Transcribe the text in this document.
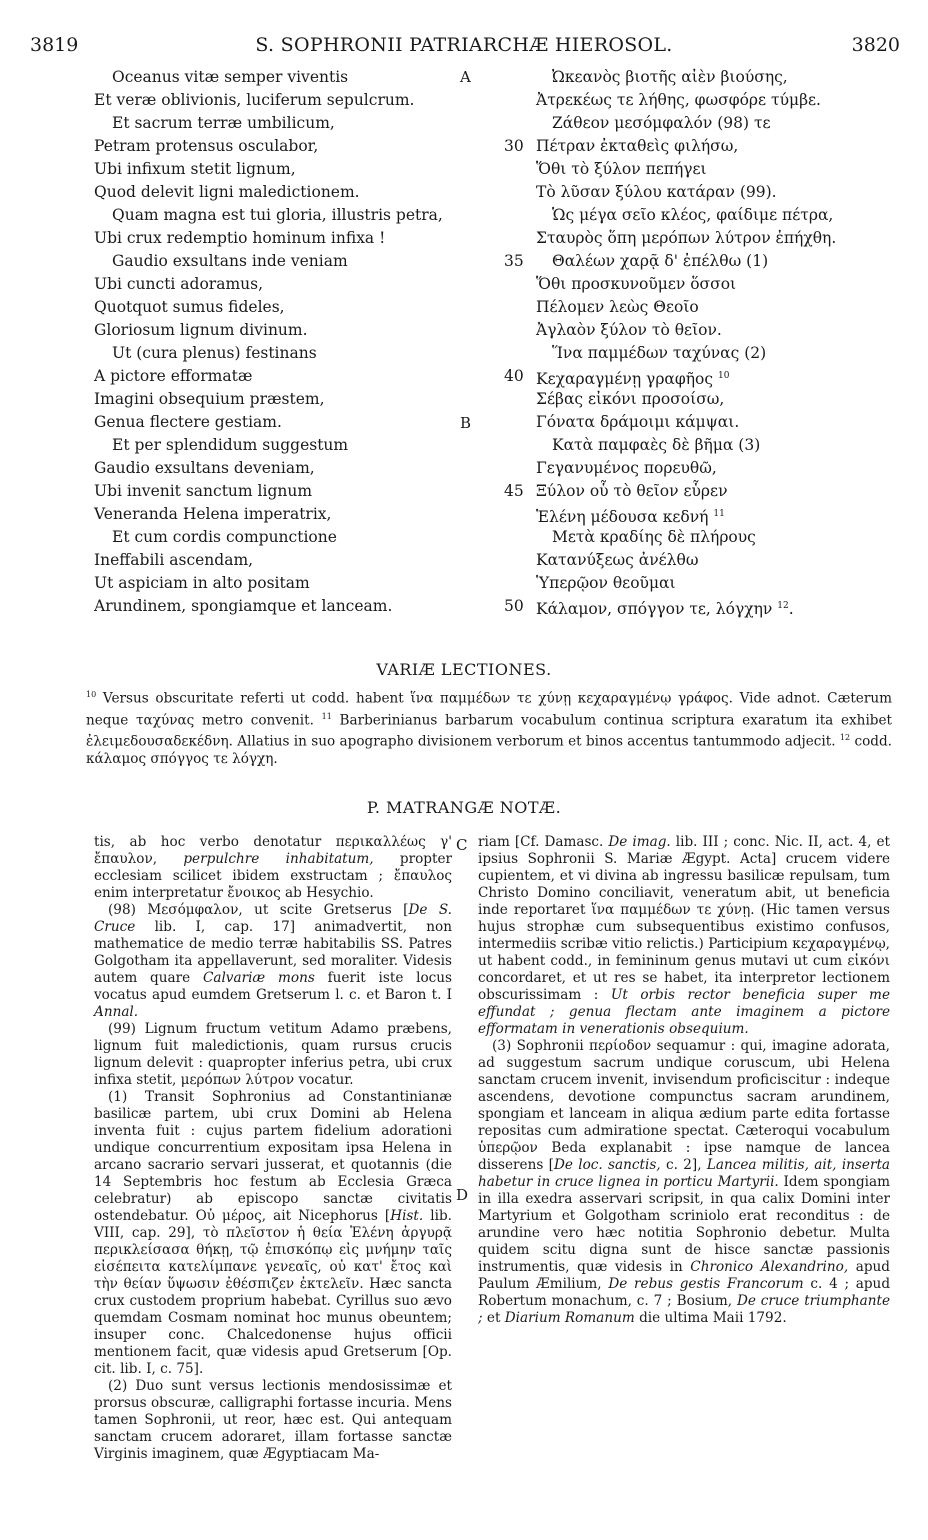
3819	S. SOPHRONII PATRIARCHÆ HIEROSOL.	3820
Oceanus vitæ semper viventis
Et veræ oblivionis, luciferum sepulcrum.
Et sacrum terræ umbilicum,
Petram protensus osculabor,
Ubi infixum stetit lignum,
Quod delevit ligni maledictionem.
Quam magna est tui gloria, illustris petra,
Ubi crux redemptio hominum infixa !
Gaudio exsultans inde veniam
Ubi cuncti adoramus,
Quotquot sumus fideles,
Gloriosum lignum divinum.
Ut (cura plenus) festinans
A pictore efformatæ
Imagini obsequium præstem,
Genua flectere gestiam.
Et per splendidum suggestum
Gaudio exsultans deveniam,
Ubi invenit sanctum lignum
Veneranda Helena imperatrix,
Et cum cordis compunctione
Ineffabili ascendam,
Ut aspiciam in alto positam
Arundinem, spongiamque et lanceam.
Ὠκεανὸς βιοτῆς αἰὲν βιούσης,
Ἀτρεκέως τε λήθης, φωσφόρε τύμβε.
Ζάθεον μεσόμφαλόν (98) τε
30 Πέτραν ἐκταθεὶς φιλήσω,
Ὅθι τὸ ξύλον πεπήγει
Τὸ λῦσαν ξύλου κατάραν (99).
Ὡς μέγα σεῖο κλέος, φαίδιμε πέτρα,
Σταυρὸς ὅπη μερόπων λύτρον ἐπήχθη.
35 Θαλέων χαρᾷ δ' ἐπέλθω (1)
Ὅθι προσκυνοῦμεν ὅσσοι
Πέλομεν λεὼς Θεοῖο
Ἀγλαὸν ξύλον τὸ θεῖον.
Ἵνα παμμέδων ταχύνας (2)
40 Κεχαραγμένῃ γραφῆος $^{10}$
Σέβας εἰκόνι προσοίσω,
Γόνατα δράμοιμι κάμψαι.
Κατὰ παμφαὲς δὲ βῆμα (3)
Γεγανυμένος πορευθῶ,
45 Ξύλον οὗ τὸ θεῖον εὗρεν
Ἑλένη μέδουσα κεδνή $^{11}$
Μετὰ κραδίης δὲ πλήρους
Κατανύξεως ἀνέλθω
Ὑπερῷον θεοῦμαι
50 Κάλαμον, σπόγγον τε, λόγχην $^{12}$.
A
B
C
D
VARIÆ LECTIONES.
$^{10}$ Versus obscuritate referti ut codd. habent ἵνα παμμέδων τε χύνῃ κεχαραγμένῳ γράφος. Vide adnot. Cæterum neque ταχύνας metro convenit. $^{11}$ Barberinianus barbarum vocabulum continua scriptura exaratum ita exhibet ἐλειμεδουσαδεκέδνη. Allatius in suo apographo divisionem verborum et binos accentus tantummodo adjecit. $^{12}$ codd. κάλαμος σπόγγος τε λόγχη.
P. MATRANGÆ NOTÆ.

tis, ab hoc verbo denotatur περικαλλέως γ' ἔπαυλον, perpulchre inhabitatum, propter ecclesiam scilicet ibidem exstructam ; ἔπαυλος enim interpretatur ἔνοικος ab Hesychio.

(98) Μεσόμφαλον, ut scite Gretserus [De S. Cruce lib. I, cap. 17] animadvertit, non mathematice de medio terræ habitabilis SS. Patres Golgotham ita appellaverunt, sed moraliter. Videsis autem quare Calvariæ mons fuerit iste locus vocatus apud eumdem Gretserum l. c. et Baron t. I Annal.

(99) Lignum fructum vetitum Adamo præbens, lignum fuit maledictionis, quam rursus crucis lignum delevit : quapropter inferius petra, ubi crux infixa stetit, μερόπων λύτρον vocatur.

(1) Transit Sophronius ad Constantinianæ basilicæ partem, ubi crux Domini ab Helena inventa fuit : cujus partem fidelium adorationi undique concurrentium expositam ipsa Helena in arcano sacrario servari jusserat, et quotannis (die 14 Septembris hoc festum ab Ecclesia Græca celebratur) ab episcopo sanctæ civitatis ostendebatur. Οὐ μέρος, ait Nicephorus [Hist. lib. VIII, cap. 29], τὸ πλεῖστον ἡ θεία Ἑλένη ἀργυρᾷ περικλείσασα θήκῃ, τῷ ἐπισκόπῳ εἰς μνήμην ταῖς εἰσέπειτα κατελίμπανε γενεαῖς, οὐ κατ' ἔτος καὶ τὴν θείαν ὕψωσιν ἐθέσπιζεν ἐκτελεῖν. Hæc sancta crux custodem proprium habebat. Cyrillus suo ævo quemdam Cosmam nominat hoc munus obeuntem; insuper conc. Chalcedonense hujus officii mentionem facit, quæ videsis apud Gretserum [Op. cit. lib. I, c. 75].

(2) Duo sunt versus lectionis mendosissimæ et prorsus obscuræ, calligraphi fortasse incuria. Mens tamen Sophronii, ut reor, hæc est. Qui antequam sanctam crucem adoraret, illam fortasse sanctæ Virginis imaginem, quæ Ægyptiacam Ma-

riam [Cf. Damasc. De imag. lib. III ; conc. Nic. II, act. 4, et ipsius Sophronii S. Mariæ Ægypt. Acta] crucem videre cupientem, et vi divina ab ingressu basilicæ repulsam, tum Christo Domino conciliavit, veneratum abit, ut beneficia inde reportaret ἵνα παμμέδων τε χύνῃ. (Hic tamen versus hujus strophæ cum subsequentibus existimo confusos, intermediis scribæ vitio relictis.) Participium κεχαραγμένῳ, ut habent codd., in femininum genus mutavi ut cum εἰκόνι concordaret, et ut res se habet, ita interpretor lectionem obscurissimam : Ut orbis rector beneficia super me effundat ; genua flectam ante imaginem a pictore efformatam in venerationis obsequium.

(3) Sophronii περίοδον sequamur : qui, imagine adorata, ad suggestum sacrum undique coruscum, ubi Helena sanctam crucem invenit, invisendum proficiscitur : indeque ascendens, devotione compunctus sacram arundinem, spongiam et lanceam in aliqua ædium parte edita fortasse repositas cum admiratione spectat. Cæteroqui vocabulum ὑπερῷον Beda explanabit : ipse namque de lancea disserens [De loc. sanctis, c. 2], Lancea militis, ait, inserta habetur in cruce lignea in porticu Martyrii. Idem spongiam in illa exedra asservari scripsit, in qua calix Domini inter Martyrium et Golgotham scriniolo erat reconditus : de arundine vero hæc notitia Sophronio debetur. Multa quidem scitu digna sunt de hisce sanctæ passionis instrumentis, quæ videsis in Chronico Alexandrino, apud Paulum Æmilium, De rebus gestis Francorum c. 4 ; apud Robertum monachum, c. 7 ; Bosium, De cruce triumphante ; et Diarium Romanum die ultima Maii 1792.
